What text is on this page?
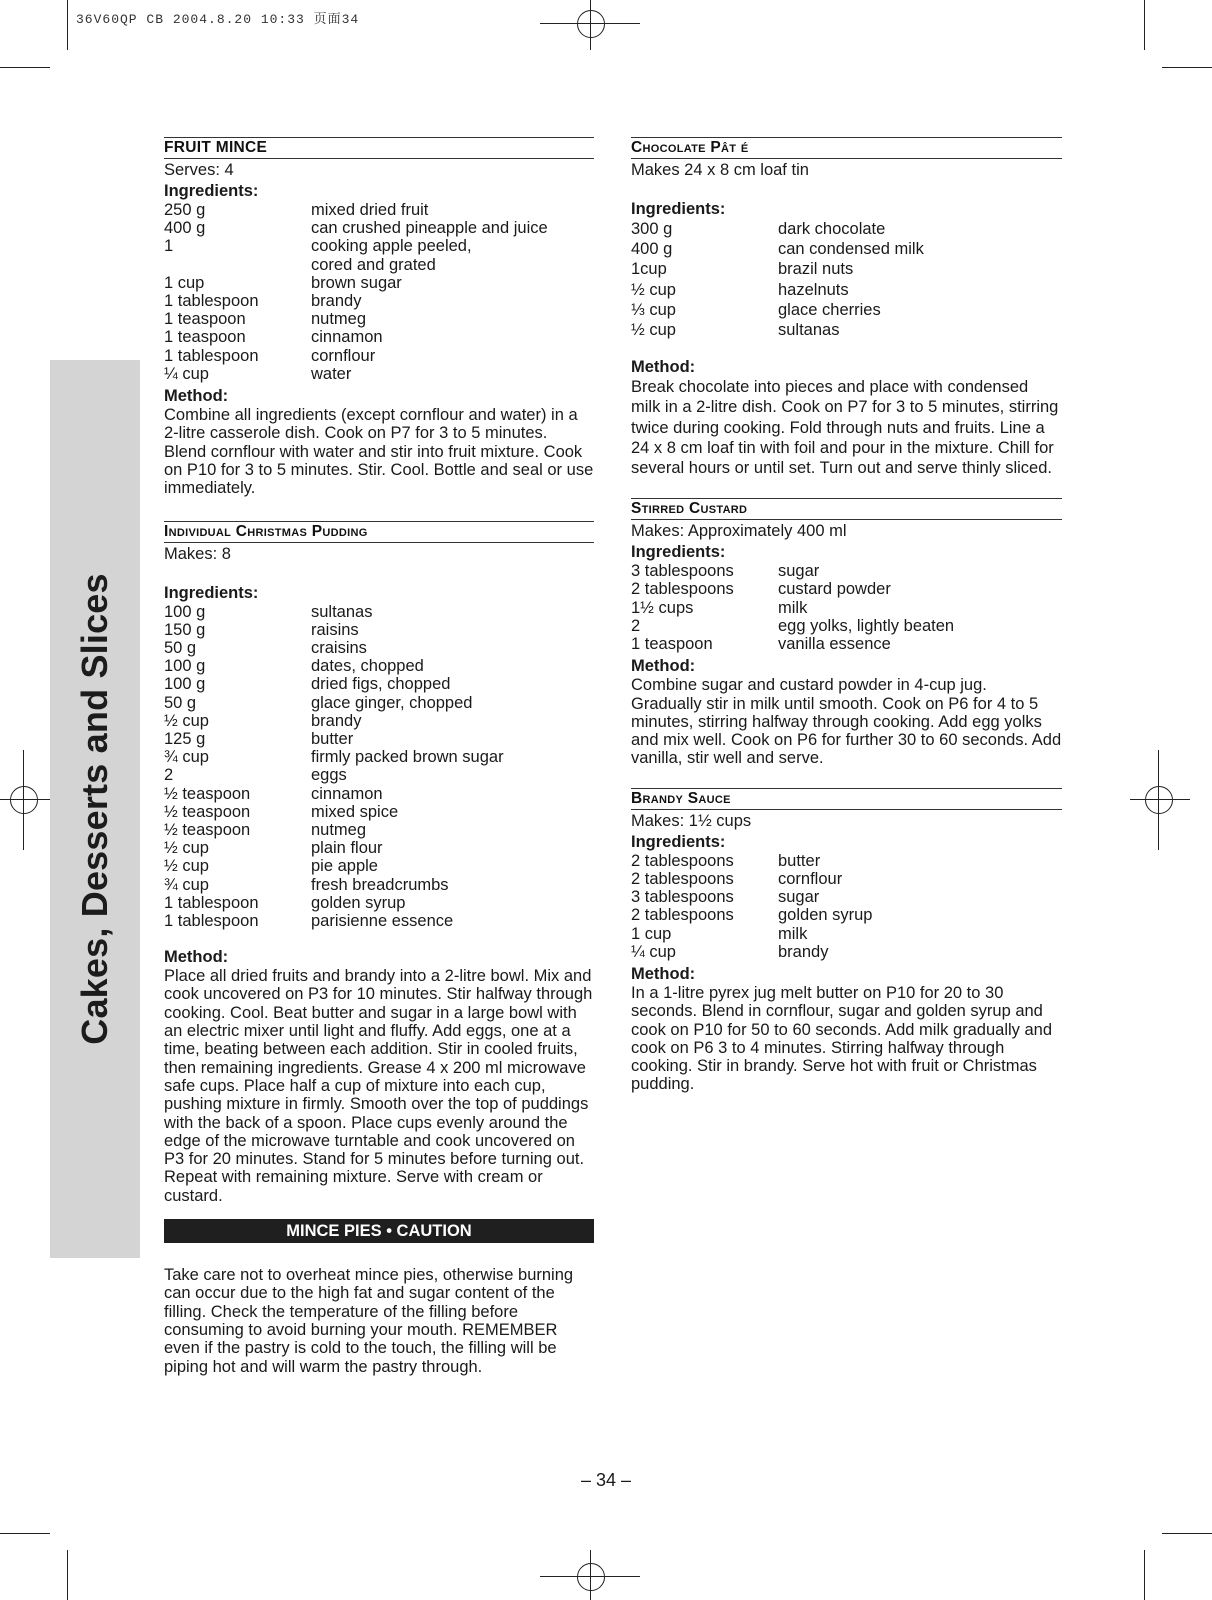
36V60QP CB 2004.8.20 10:33 页面34
Cakes, Desserts and Slices
FRUIT MINCE
Serves: 4
Ingredients:
250 g	mixed dried fruit
400 g	can crushed pineapple and juice
1	cooking apple peeled,
cored and grated
1 cup	brown sugar
1 tablespoon	brandy
1 teaspoon	nutmeg
1 teaspoon	cinnamon
1 tablespoon	cornflour
¼ cup	water
Method:
Combine all ingredients (except cornflour and water) in a 2-litre casserole dish. Cook on P7 for 3 to 5 minutes. Blend cornflour with water and stir into fruit mixture. Cook on P10 for 3 to 5 minutes. Stir. Cool. Bottle and seal or use immediately.
Individual Christmas Pudding
Makes: 8
Ingredients:
100 g	sultanas
150 g	raisins
50 g	craisins
100 g	dates, chopped
100 g	dried figs, chopped
50 g	glace ginger, chopped
½ cup	brandy
125 g	butter
¾ cup	firmly packed brown sugar
2	eggs
½ teaspoon	cinnamon
½ teaspoon	mixed spice
½ teaspoon	nutmeg
½ cup	plain flour
½ cup	pie apple
¾ cup	fresh breadcrumbs
1 tablespoon	golden syrup
1 tablespoon	parisienne essence
Method:
Place all dried fruits and brandy into a 2-litre bowl. Mix and cook uncovered on P3 for 10 minutes. Stir halfway through cooking. Cool. Beat butter and sugar in a large bowl with an electric mixer until light and fluffy. Add eggs, one at a time, beating between each addition. Stir in cooled fruits, then remaining ingredients. Grease 4 x 200 ml microwave safe cups. Place half a cup of mixture into each cup, pushing mixture in firmly. Smooth over the top of puddings with the back of a spoon. Place cups evenly around the edge of the microwave turntable and cook uncovered on P3 for 20 minutes. Stand for 5 minutes before turning out. Repeat with remaining mixture. Serve with cream or custard.
MINCE PIES • CAUTION
Take care not to overheat mince pies, otherwise burning can occur due to the high fat and sugar content of the filling. Check the temperature of the filling before consuming to avoid burning your mouth. REMEMBER even if the pastry is cold to the touch, the filling will be piping hot and will warm the pastry through.
Chocolate Pât é
Makes 24 x 8 cm loaf tin
Ingredients:
300 g	dark chocolate
400 g	can condensed milk
1cup	brazil nuts
½ cup	hazelnuts
⅓ cup	glace cherries
½ cup	sultanas
Method:
Break chocolate into pieces and place with condensed milk in a 2-litre dish. Cook on P7 for 3 to 5 minutes, stirring twice during cooking. Fold through nuts and fruits. Line a 24 x 8 cm loaf tin with foil and pour in the mixture. Chill for several hours or until set. Turn out and serve thinly sliced.
Stirred Custard
Makes: Approximately 400 ml
Ingredients:
3 tablespoons	sugar
2 tablespoons	custard powder
1½ cups	milk
2	egg yolks, lightly beaten
1 teaspoon	vanilla essence
Method:
Combine sugar and custard powder in 4-cup jug. Gradually stir in milk until smooth. Cook on P6 for 4 to 5 minutes, stirring halfway through cooking. Add egg yolks and mix well. Cook on P6 for further 30 to 60 seconds. Add vanilla, stir well and serve.
Brandy Sauce
Makes: 1½ cups
Ingredients:
2 tablespoons	butter
2 tablespoons	cornflour
3 tablespoons	sugar
2 tablespoons	golden syrup
1 cup	milk
¼ cup	brandy
Method:
In a 1-litre pyrex jug melt butter on P10 for 20 to 30 seconds. Blend in cornflour, sugar and golden syrup and cook on P10 for 50 to 60 seconds. Add milk gradually and cook on P6 3 to 4 minutes. Stirring halfway through cooking. Stir in brandy. Serve hot with fruit or Christmas pudding.
– 34 –
